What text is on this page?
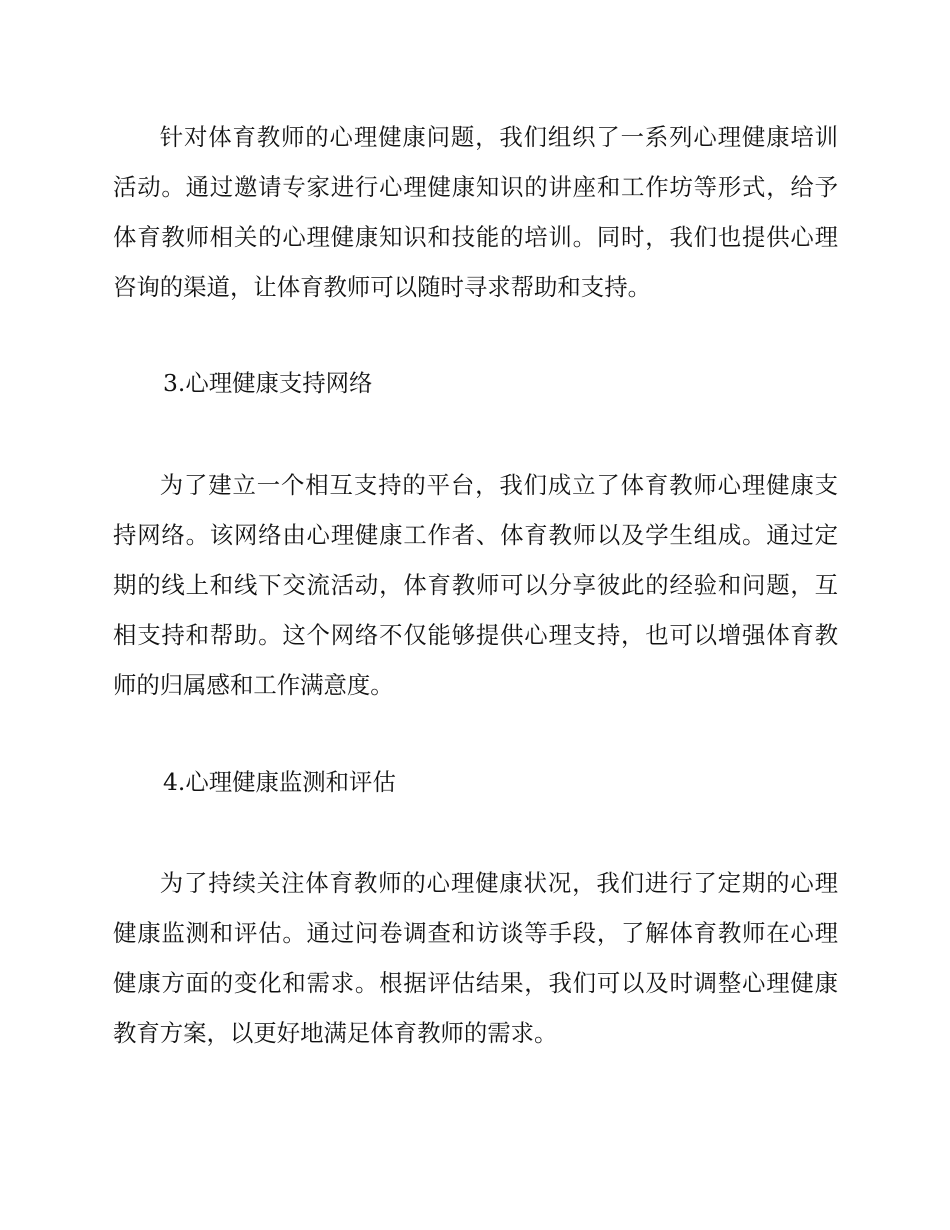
针对体育教师的心理健康问题，我们组织了一系列心理健康培训活动。通过邀请专家进行心理健康知识的讲座和工作坊等形式，给予体育教师相关的心理健康知识和技能的培训。同时，我们也提供心理咨询的渠道，让体育教师可以随时寻求帮助和支持。

3.心理健康支持网络

为了建立一个相互支持的平台，我们成立了体育教师心理健康支持网络。该网络由心理健康工作者、体育教师以及学生组成。通过定期的线上和线下交流活动，体育教师可以分享彼此的经验和问题，互相支持和帮助。这个网络不仅能够提供心理支持，也可以增强体育教师的归属感和工作满意度。

4.心理健康监测和评估

为了持续关注体育教师的心理健康状况，我们进行了定期的心理健康监测和评估。通过问卷调查和访谈等手段，了解体育教师在心理健康方面的变化和需求。根据评估结果，我们可以及时调整心理健康教育方案，以更好地满足体育教师的需求。
